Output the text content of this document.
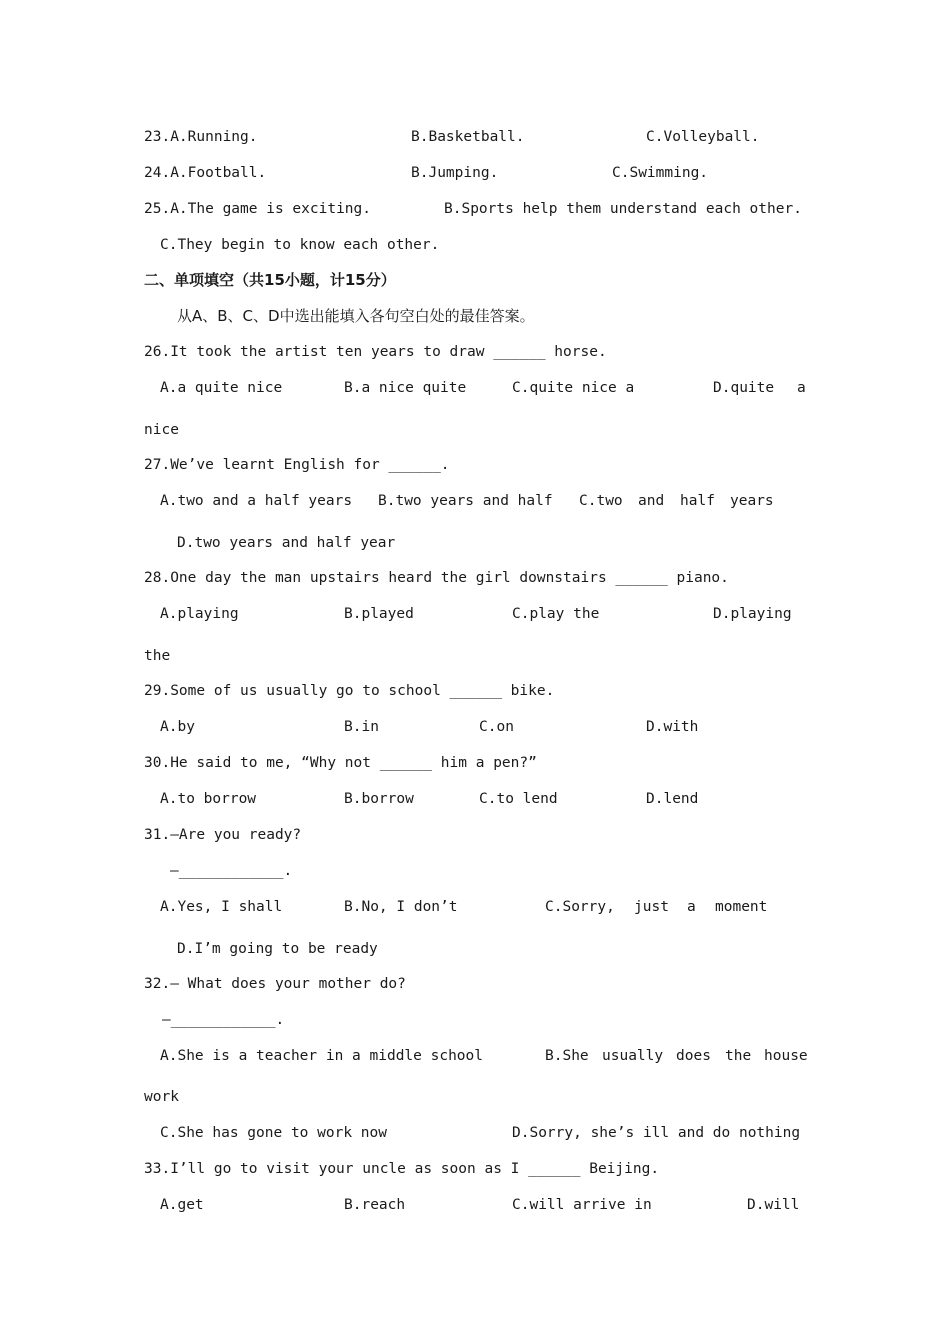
23.A.Running.	B.Basketball.	C.Volleyball.
24.A.Football.	B.Jumping.	C.Swimming.
25.A.The game is exciting.	B.Sports help them understand each other.
C.They begin to know each other.
二、单项填空（共15小题，计15分）
从A、B、C、D中选出能填入各句空白处的最佳答案。
26.It took the artist ten years to draw ______ horse.
A.a quite nice	B.a nice quite	C.quite nice a	D.quite a
nice
27.We’ve learnt English for ______.
A.two and a half years B.two years and half C.two and half years
D.two years and half year
28.One day the man upstairs heard the girl downstairs ______ piano.
A.playing	B.played	C.play the	D.playing
the
29.Some of us usually go to school ______ bike.
A.by	B.in	C.on	D.with
30.He said to me, “Why not ______ him a pen?”
A.to borrow	B.borrow	C.to lend	D.lend
31.—Are you ready?
—____________.
A.Yes, I shall	B.No, I don’t	C.Sorry, just a moment
D.I’m going to be ready
32.— What does your mother do?
—____________.
A.She is a teacher in a middle school	B.She usually does the house
work
C.She has gone to work now	D.Sorry, she’s ill and do nothing
33.I’ll go to visit your uncle as soon as I ______ Beijing.
A.get	B.reach	C.will arrive in	D.will
